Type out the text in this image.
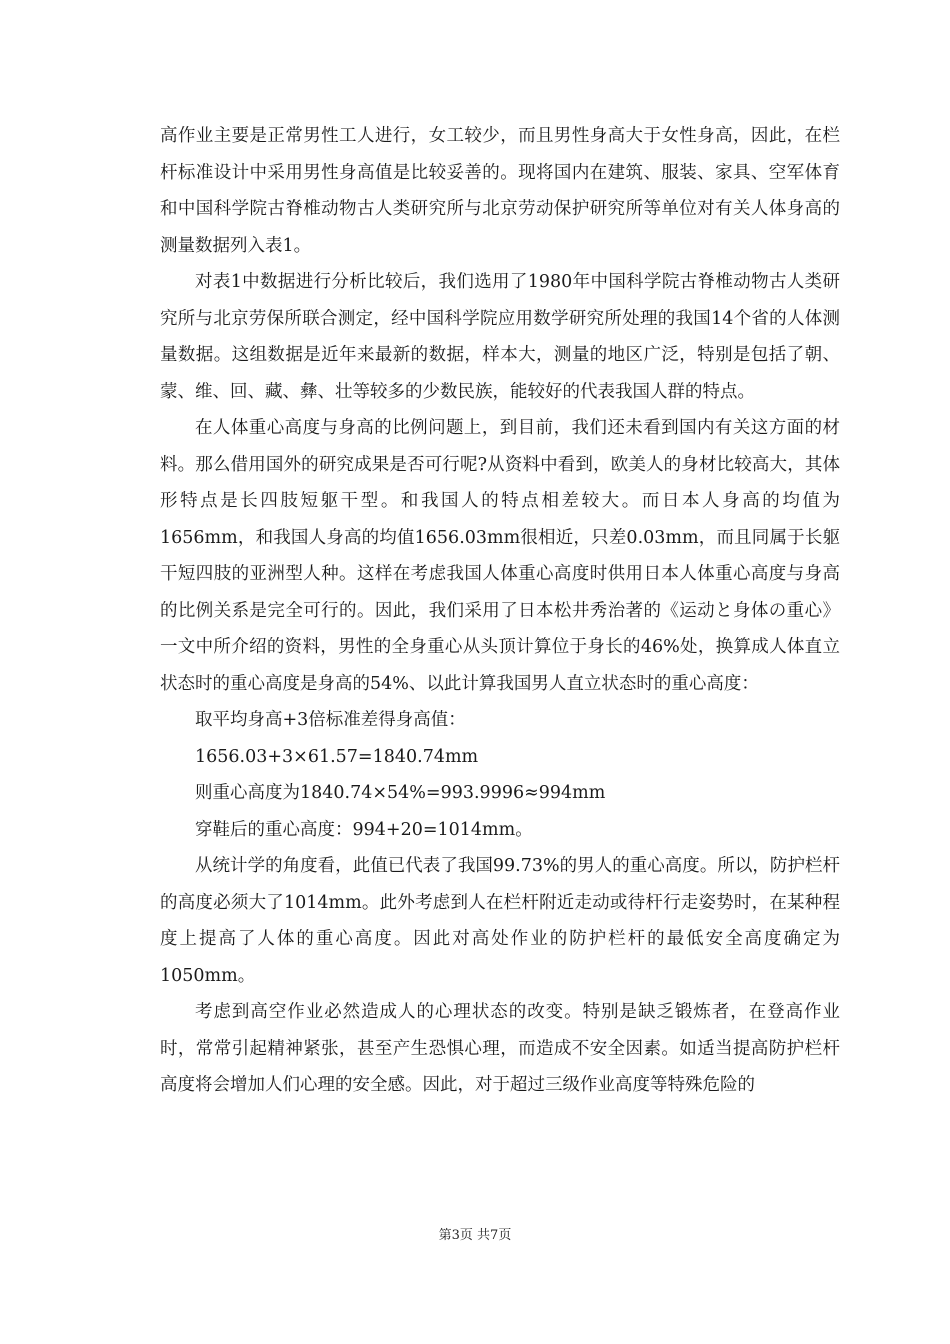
高作业主要是正常男性工人进行，女工较少，而且男性身高大于女性身高，因此，在栏杆标准设计中采用男性身高值是比较妥善的。现将国内在建筑、服装、家具、空军体育和中国科学院古脊椎动物古人类研究所与北京劳动保护研究所等单位对有关人体身高的测量数据列入表1。

对表1中数据进行分析比较后，我们选用了1980年中国科学院古脊椎动物古人类研究所与北京劳保所联合测定，经中国科学院应用数学研究所处理的我国14个省的人体测量数据。这组数据是近年来最新的数据，样本大，测量的地区广泛，特别是包括了朝、蒙、维、回、藏、彝、壮等较多的少数民族，能较好的代表我国人群的特点。

在人体重心高度与身高的比例问题上，到目前，我们还未看到国内有关这方面的材料。那么借用国外的研究成果是否可行呢?从资料中看到，欧美人的身材比较高大，其体形特点是长四肢短躯干型。和我国人的特点相差较大。而日本人身高的均值为1656mm，和我国人身高的均值1656.03mm很相近，只差0.03mm，而且同属于长躯干短四肢的亚洲型人种。这样在考虑我国人体重心高度时供用日本人体重心高度与身高的比例关系是完全可行的。因此，我们采用了日本松井秀治著的《运动と身体の重心》一文中所介绍的资料，男性的全身重心从头顶计算位于身长的46%处，换算成人体直立状态时的重心高度是身高的54%、以此计算我国男人直立状态时的重心高度：

取平均身高+3倍标准差得身高值：

1656.03+3×61.57=1840.74mm

则重心高度为1840.74×54%=993.9996≈994mm

穿鞋后的重心高度：994+20=1014mm。

从统计学的角度看，此值已代表了我国99.73%的男人的重心高度。所以，防护栏杆的高度必须大了1014mm。此外考虑到人在栏杆附近走动或待杆行走姿势时，在某种程度上提高了人体的重心高度。因此对高处作业的防护栏杆的最低安全高度确定为1050mm。

考虑到高空作业必然造成人的心理状态的改变。特别是缺乏锻炼者，在登高作业时，常常引起精神紧张，甚至产生恐惧心理，而造成不安全因素。如适当提高防护栏杆高度将会增加人们心理的安全感。因此，对于超过三级作业高度等特殊危险的

第3页 共7页
